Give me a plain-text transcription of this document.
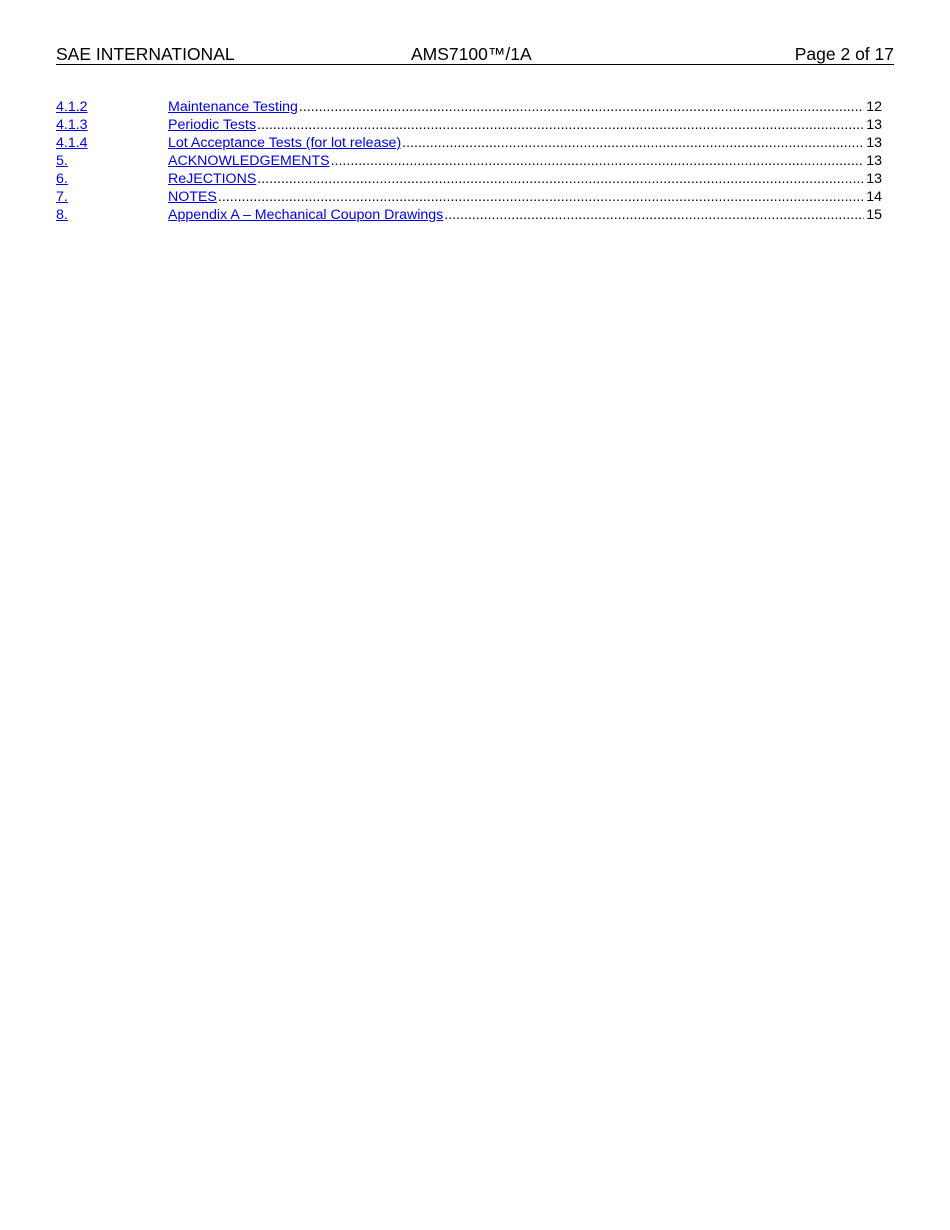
SAE INTERNATIONAL	AMS7100™/1A	Page 2 of 17
4.1.2	Maintenance Testing .....	12
4.1.3	Periodic Tests .....	13
4.1.4	Lot Acceptance Tests (for lot release) .....	13
5.	ACKNOWLEDGEMENTS .....	13
6.	ReJECTIONS .....	13
7.	NOTES .....	14
8.	Appendix A – Mechanical Coupon Drawings .....	15
